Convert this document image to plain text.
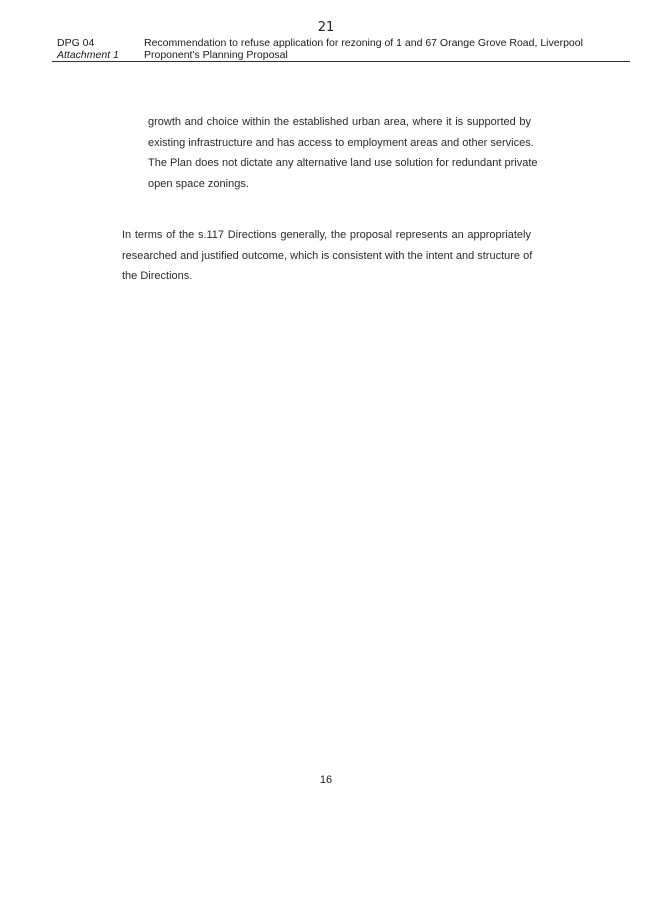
21
DPG 04
Attachment 1
Recommendation to refuse application for rezoning of 1 and 67 Orange Grove Road, Liverpool
Proponent's Planning Proposal
growth and choice within the established urban area, where it is supported by
existing infrastructure and has access to employment areas and other services.
The Plan does not dictate any alternative land use solution for redundant private
open space zonings.
In terms of the s.117 Directions generally, the proposal represents an appropriately
researched and justified outcome, which is consistent with the intent and structure of
the Directions.
16
